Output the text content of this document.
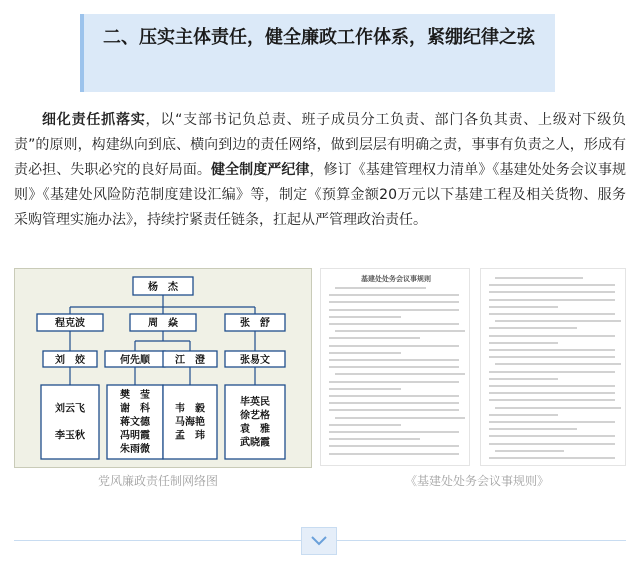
二、压实主体责任，健全廉政工作体系，紧绷纪律之弦
细化责任抓落实，以“支部书记负总责、班子成员分工负责、部门各负其责、上级对下级负责”的原则，构建纵向到底、横向到边的责任网络，做到层层有明确之责，事事有负责之人，形成有责必担、失职必究的良好局面。健全制度严纪律，修订《基建管理权力清单》《基建处处务会议事规则》《基建处风险防范制度建设汇编》等，制定《预算金额20万元以下基建工程及相关货物、服务采购管理实施办法》，持续拧紧责任链条，扛起从严管理政治责任。
杨　杰
程克波	周　焱	张　舒
刘　姣	何先顺	江　澄	张易文
刘云飞李玉秋
樊　莹谢　科蒋文德冯明霞朱雨微
韦　毅马海艳孟　玮
毕英民徐艺格袁　雅武晓霞
党风廉政责任制网络图
基建处处务会议事规则
《基建处处务会议事规则》
